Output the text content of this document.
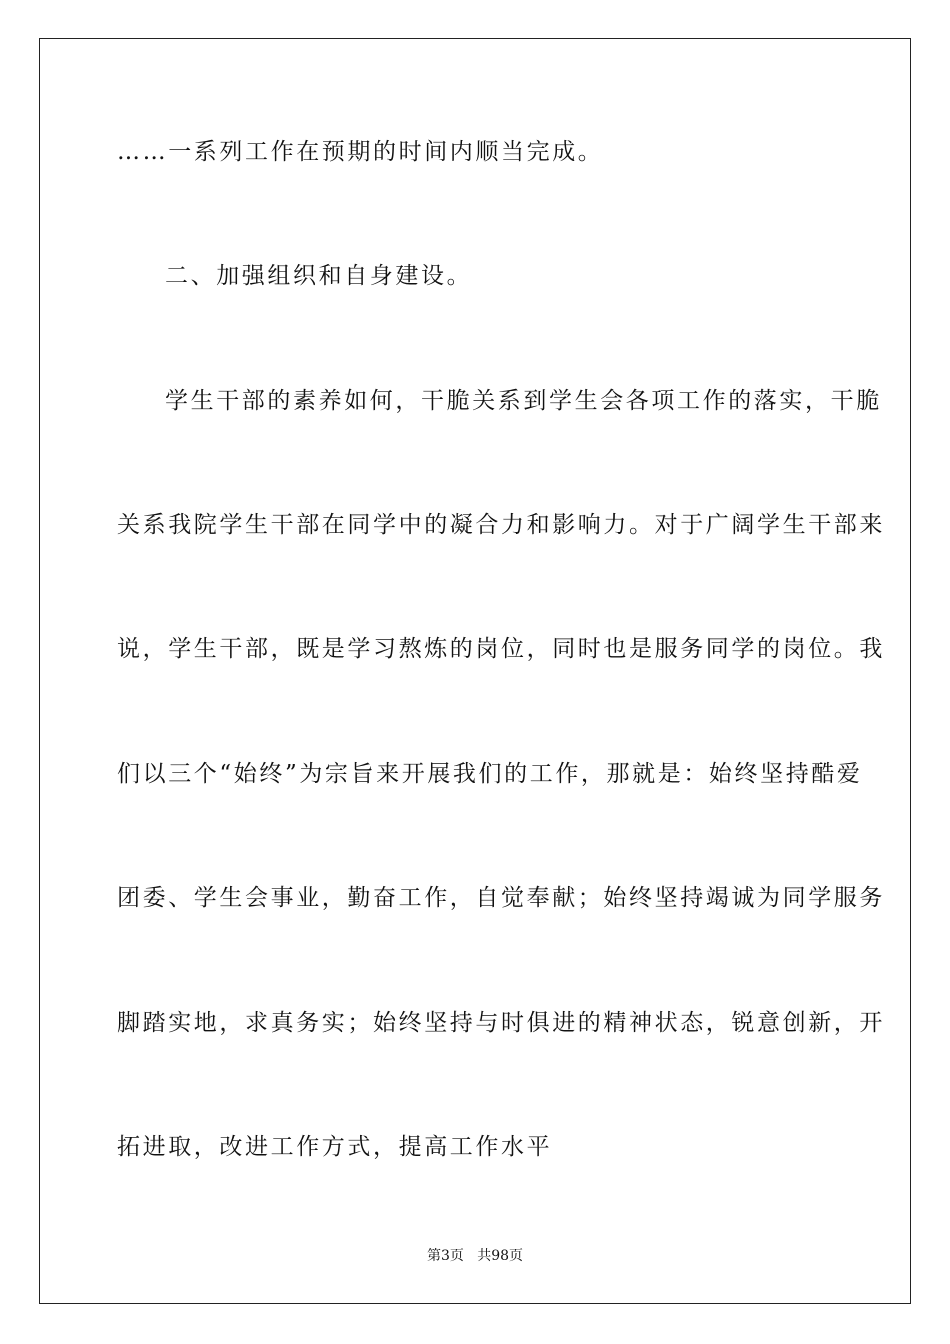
……一系列工作在预期的时间内顺当完成。
二、加强组织和自身建设。
学生干部的素养如何，干脆关系到学生会各项工作的落实，干脆
关系我院学生干部在同学中的凝合力和影响力。对于广阔学生干部来
说，学生干部，既是学习熬炼的岗位，同时也是服务同学的岗位。我
们以三个“始终”为宗旨来开展我们的工作，那就是：始终坚持酷爱
团委、学生会事业，勤奋工作，自觉奉献；始终坚持竭诚为同学服务
脚踏实地，求真务实；始终坚持与时俱进的精神状态，锐意创新，开
拓进取，改进工作方式，提高工作水平
第3页   共98页
